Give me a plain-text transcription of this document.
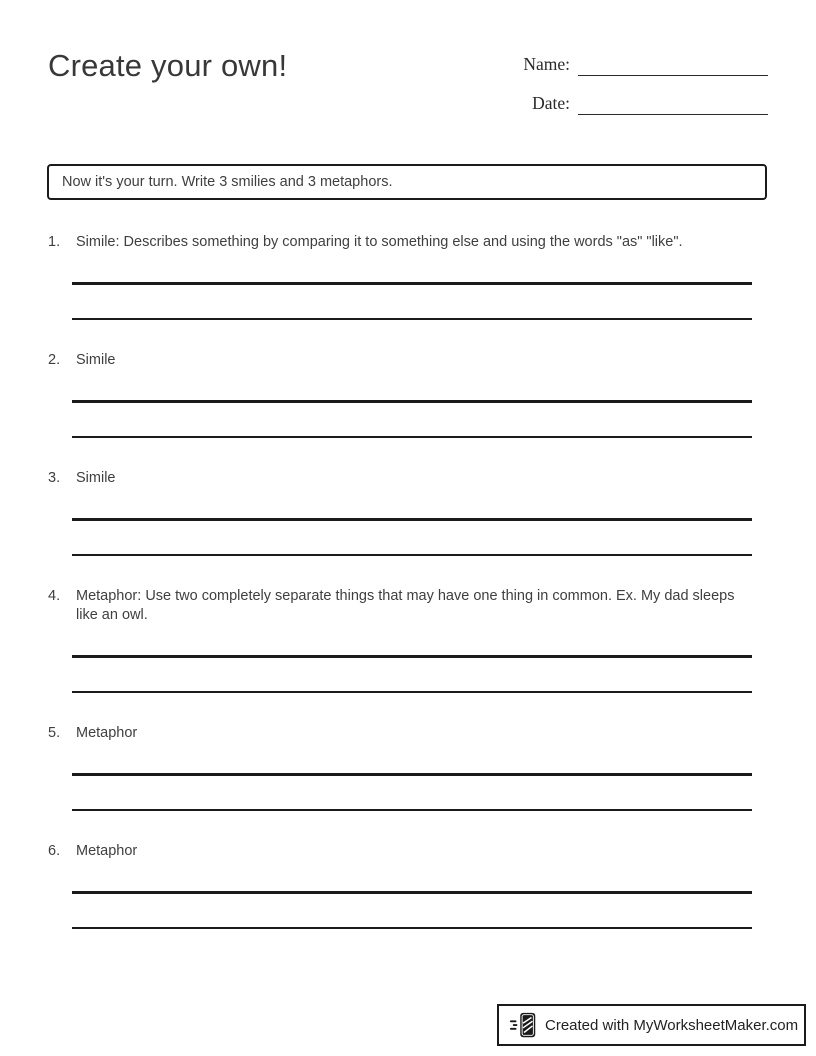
Create your own!	Name:
Date:
Now it's your turn. Write 3 smilies and 3 metaphors.
1.	Simile: Describes something by comparing it to something else and using the words "as" "like".
2.	Simile
3.	Simile
4.	Metaphor: Use two completely separate things that may have one thing in common. Ex. My dad sleeps like an owl.
5.	Metaphor
6.	Metaphor
Created with MyWorksheetMaker.com
